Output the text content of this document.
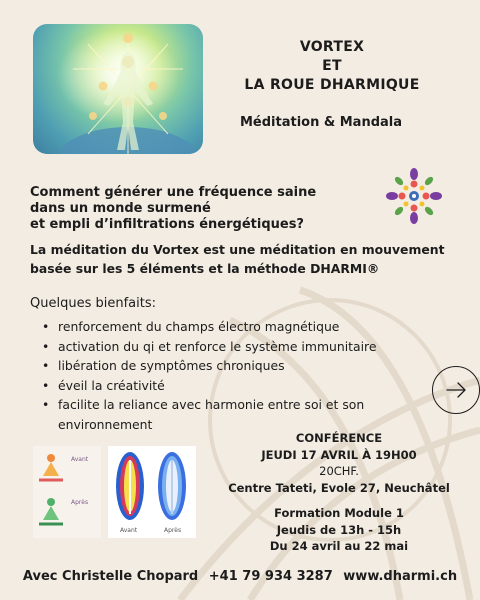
VORTEX
ET
LA ROUE DHARMIQUE
Méditation & Mandala
Comment générer une fréquence saine
dans un monde surmené
et empli d’infiltrations énergétiques?
La méditation du Vortex est une méditation en mouvement
basée sur les 5 éléments et la méthode DHARMI®
Quelques bienfaits:
• renforcement du champs électro magnétique
• activation du qi et renforce le système immunitaire
• libération de symptômes chroniques
• éveil la créativité
• facilite la reliance avec harmonie entre soi et son environnement
Avant
Après
Avant	Après
CONFÉRENCE
JEUDI 17 AVRIL À 19H00
20CHF.
Centre Tateti, Evole 27, Neuchâtel
Formation Module 1
Jeudis de 13h - 15h
Du 24 avril au 22 mai
Avec Christelle Chopard +41 79 934 3287 www.dharmi.ch
